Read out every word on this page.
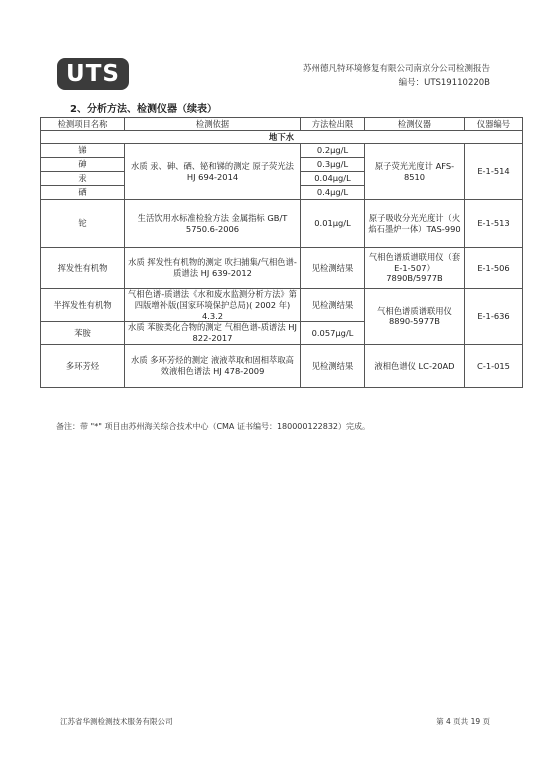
UTS	苏州德凡特环境修复有限公司南京分公司检测报告
编号：UTS19110220B
2、分析方法、检测仪器（续表）
检测项目名称	检测依据	方法检出限	检测仪器	仪器编号
地下水				
锑	水质 汞、砷、硒、铋和锑的测定 原子荧光法 HJ 694-2014	0.2μg/L	原子荧光光度计 AFS-8510	E-1-514
砷		0.3μg/L		
汞		0.04μg/L		
硒		0.4μg/L		
铊	生活饮用水标准检验方法 金属指标 GB/T 5750.6-2006	0.01μg/L	原子吸收分光光度计（火焰石墨炉一体）TAS-990	E-1-513
挥发性有机物	水质 挥发性有机物的测定 吹扫捕集/气相色谱-质谱法 HJ 639-2012	见检测结果	气相色谱质谱联用仪（套 E-1-507）7890B/5977B	E-1-506
半挥发性有机物	气相色谱-质谱法《水和废水监测分析方法》第四版增补版(国家环境保护总局)( 2002 年) 4.3.2	见检测结果	气相色谱质谱联用仪 8890-5977B	E-1-636
苯胺	水质 苯胺类化合物的测定 气相色谱-质谱法 HJ 822-2017	0.057μg/L		
多环芳烃	水质 多环芳烃的测定 液液萃取和固相萃取高效液相色谱法 HJ 478-2009	见检测结果	液相色谱仪 LC-20AD	C-1-015
备注：带 "*" 项目由苏州海关综合技术中心（CMA 证书编号：180000122832）完成。
江苏省华测检测技术服务有限公司	第 4 页共 19 页
